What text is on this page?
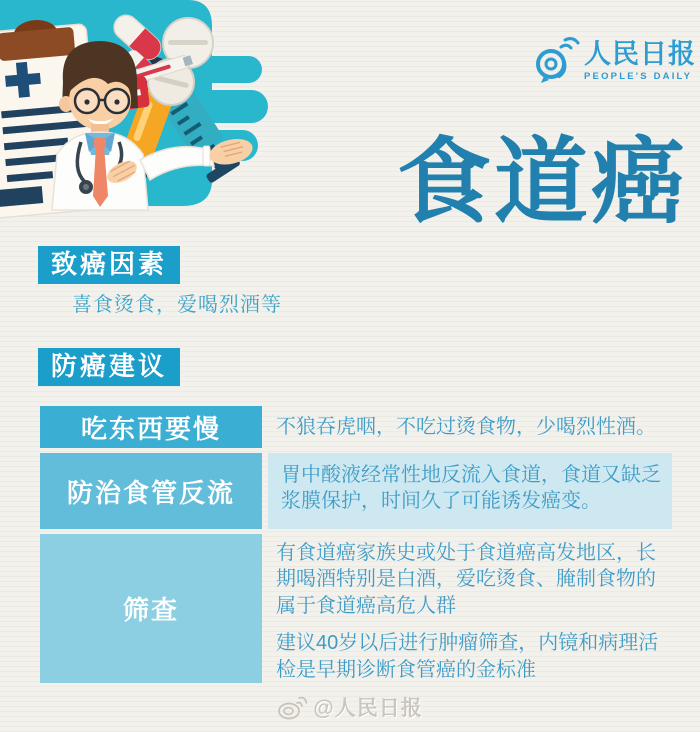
人民日报
PEOPLE'S DAILY
食道癌
致癌因素
喜食烫食，爱喝烈酒等
防癌建议
吃东西要慢	不狼吞虎咽，不吃过烫食物，少喝烈性酒。

防治食管反流

胃中酸液经常性地反流入食道，食道又缺乏浆膜保护，时间久了可能诱发癌变。

筛查

有食道癌家族史或处于食道癌高发地区，长期喝酒特别是白酒，爱吃烫食、腌制食物的属于食道癌高危人群

建议40岁以后进行肿瘤筛查，内镜和病理活检是早期诊断食管癌的金标准

@人民日报
